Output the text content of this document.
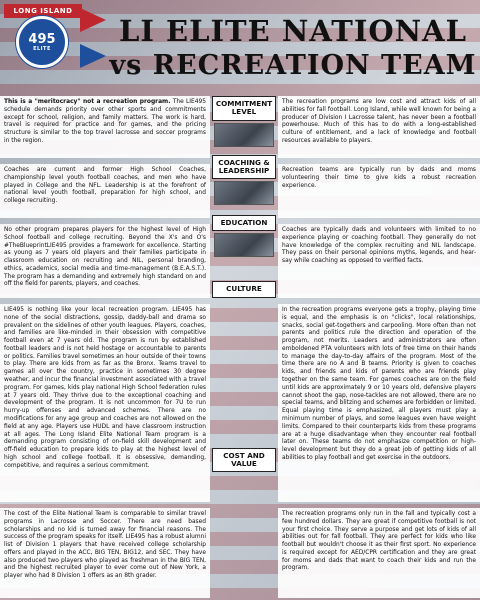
LONG ISLAND
495
ELITE
LI ELITE NATIONAL
vs RECREATION TEAM
This is a "meritocracy" not a recreation program. The LIE495 schedule demands priority over other sports and commitments except for school, religion, and family matters. The work is hard, travel is required for practice and for games, and the pricing structure is similar to the top travel lacrosse and soccer programs in the region.
Coaches are current and former High School Coaches, championship level youth football coaches, and men who have played in College and the NFL. Leadership is at the forefront of national level youth football, preparation for high school, and college recruiting.
No other program prepares players for the highest level of High School football and college recruiting. Beyond the X's and O's #TheBlueprintLIE495 provides a framework for excellence. Starting as young as 7 years old players and their families participate in classroom education on recruiting and NIL, personal branding, ethics, academics, social media and time-management (B.E.A.S.T.). The program has a demanding and extremely high standard on and off the field for parents, players, and coaches.
LIE495 is nothing like your local recreation program. LIE495 has none of the social distractions, gossip, daddy-ball and drama so prevalent on the sidelines of other youth leagues. Players, coaches, and families are like-minded in their obsession with competitive football even at 7 years old. The program is run by established football leaders and is not held hostage or accountable to parents or politics. Families travel sometimes an hour outside of their towns to play. There are kids from as far as the Bronx. Teams travel to games all over the country, practice in sometimes 30 degree weather, and incur the financial investment associated with a travel program. For games, kids play national High School federation rules at 7 years old. They thrive due to the exceptional coaching and development of the program. It is not uncommon for 7U to run hurry-up offenses and advanced schemes. There are no modifications for any age group and coaches are not allowed on the field at any age. Players use HUDL and have classroom instruction at all ages. The Long Island Elite National Team program is a demanding program consisting of on-field skill development and off-field education to prepare kids to play at the highest level of high school and college football. It is obsessive, demanding, competitive, and requires a serious commitment.
The cost of the Elite National Team is comparable to similar travel programs in Lacrosse and Soccer. There are need based scholarships and no kid is turned away for financial reasons. The success of the program speaks for itself. LIE495 has a robust alumni list of Division 1 players that have received college scholarship offers and played in the ACC, BIG TEN, BIG12, and SEC. They have also produced two players who played as freshman in the BIG TEN, and the highest recruited player to ever come out of New York, a player who had 8 Division 1 offers as an 8th grader.
COMMITMENT LEVEL
COACHING & LEADERSHIP
EDUCATION
CULTURE
COST AND VALUE
The recreation programs are low cost and attract kids of all abilities for fall football. Long Island, while well known for being a producer of Division I Lacrosse talent, has never been a football powerhouse. Much of this has to do with a long-established culture of entitlement, and a lack of knowledge and football resources available to players.
Recreation teams are typically run by dads and moms volunteering their time to give kids a robust recreation experience.
Coaches are typically dads and volunteers with limited to no experience playing or coaching football. They generally do not have knowledge of the complex recruiting and NIL landscape. They pass on their personal opinions myths, legends, and hear-say while coaching as opposed to verified facts.
In the recreation programs everyone gets a trophy, playing time is equal, and the emphasis is on "clicks", local relationships, snacks, social get-togethers and carpooling. More often than not parents and politics rule the direction and operation of the program, not merits. Leaders and administrators are often emboldened PTA volunteers with lots of free time on their hands to manage the day-to-day affairs of the program. Most of the time there are no A and B teams. Priority is given to coaches kids, and friends and kids of parents who are friends play together on the same team. For games coaches are on the field until kids are approximately 9 or 10 years old, defensive players cannot shoot the gap, nose-tackles are not allowed, there are no special teams, and blitzing and schemes are forbidden or limited. Equal playing time is emphasized, all players must play a minimum number of plays, and some leagues even have weight limits. Compared to their counterparts kids from these programs are at a huge disadvantage when they encounter real football later on. These teams do not emphasize competition or high-level development but they do a great job of getting kids of all abilities to play football and get exercise in the outdoors.
The recreation programs only run in the fall and typically cost a few hundred dollars. They are great if competitive football is not your first choice. They serve a purpose and get lots of kids of all abilities out for fall football. They are perfect for kids who like football but wouldn't choose it as their first sport. No experience is required except for AED/CPR certification and they are great for moms and dads that want to coach their kids and run the program.
